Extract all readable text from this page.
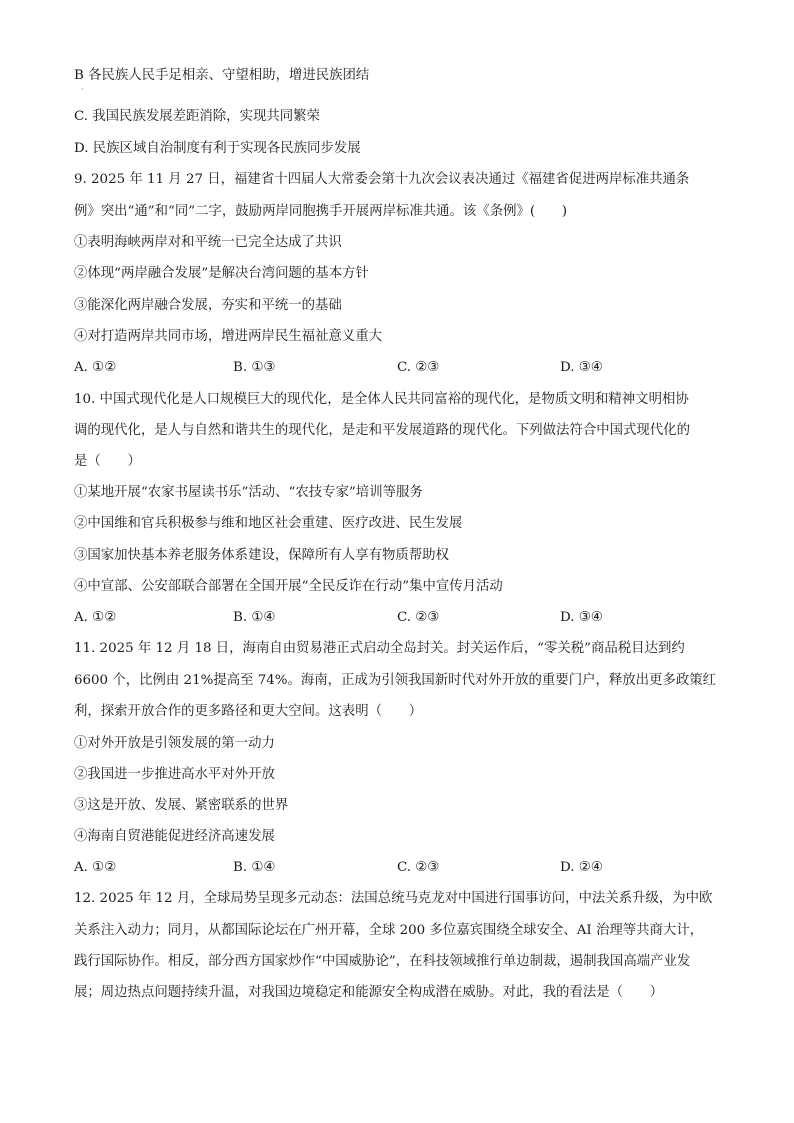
B 各民族人民手足相亲、守望相助，增进民族团结
·
C. 我国民族发展差距消除，实现共同繁荣
D. 民族区域自治制度有利于实现各民族同步发展
9. 2025 年 11 月 27 日，福建省十四届人大常委会第十九次会议表决通过《福建省促进两岸标准共通条
例》突出“通”和“同”二字，鼓励两岸同胞携手开展两岸标准共通。该《条例》(　　)
①表明海峡两岸对和平统一已完全达成了共识
②体现“两岸融合发展”是解决台湾问题的基本方针
③能深化两岸融合发展，夯实和平统一的基础
④对打造两岸共同市场，增进两岸民生福祉意义重大
A. ①②	B. ①③	C. ②③	D. ③④
10. 中国式现代化是人口规模巨大的现代化，是全体人民共同富裕的现代化，是物质文明和精神文明相协
调的现代化，是人与自然和谐共生的现代化，是走和平发展道路的现代化。下列做法符合中国式现代化的
是（　　）
①某地开展“农家书屋读书乐”活动、“农技专家”培训等服务
②中国维和官兵积极参与维和地区社会重建、医疗改进、民生发展
③国家加快基本养老服务体系建设，保障所有人享有物质帮助权
④中宣部、公安部联合部署在全国开展“全民反诈在行动”集中宣传月活动
A. ①②	B. ①④	C. ②③	D. ③④
11. 2025 年 12 月 18 日，海南自由贸易港正式启动全岛封关。封关运作后，“零关税”商品税目达到约
6600 个，比例由 21%提高至 74%。海南，正成为引领我国新时代对外开放的重要门户，释放出更多政策红
利，探索开放合作的更多路径和更大空间。这表明（　　）
①对外开放是引领发展的第一动力
②我国进一步推进高水平对外开放
③这是开放、发展、紧密联系的世界
④海南自贸港能促进经济高速发展
A. ①②	B. ①④	C. ②③	D. ②④
12. 2025 年 12 月，全球局势呈现多元动态：法国总统马克龙对中国进行国事访问，中法关系升级，为中欧
关系注入动力；同月，从都国际论坛在广州开幕，全球 200 多位嘉宾围绕全球安全、AI 治理等共商大计，
践行国际协作。相反，部分西方国家炒作“中国威胁论”，在科技领域推行单边制裁，遏制我国高端产业发
展；周边热点问题持续升温，对我国边境稳定和能源安全构成潜在威胁。对此，我的看法是（　　）
